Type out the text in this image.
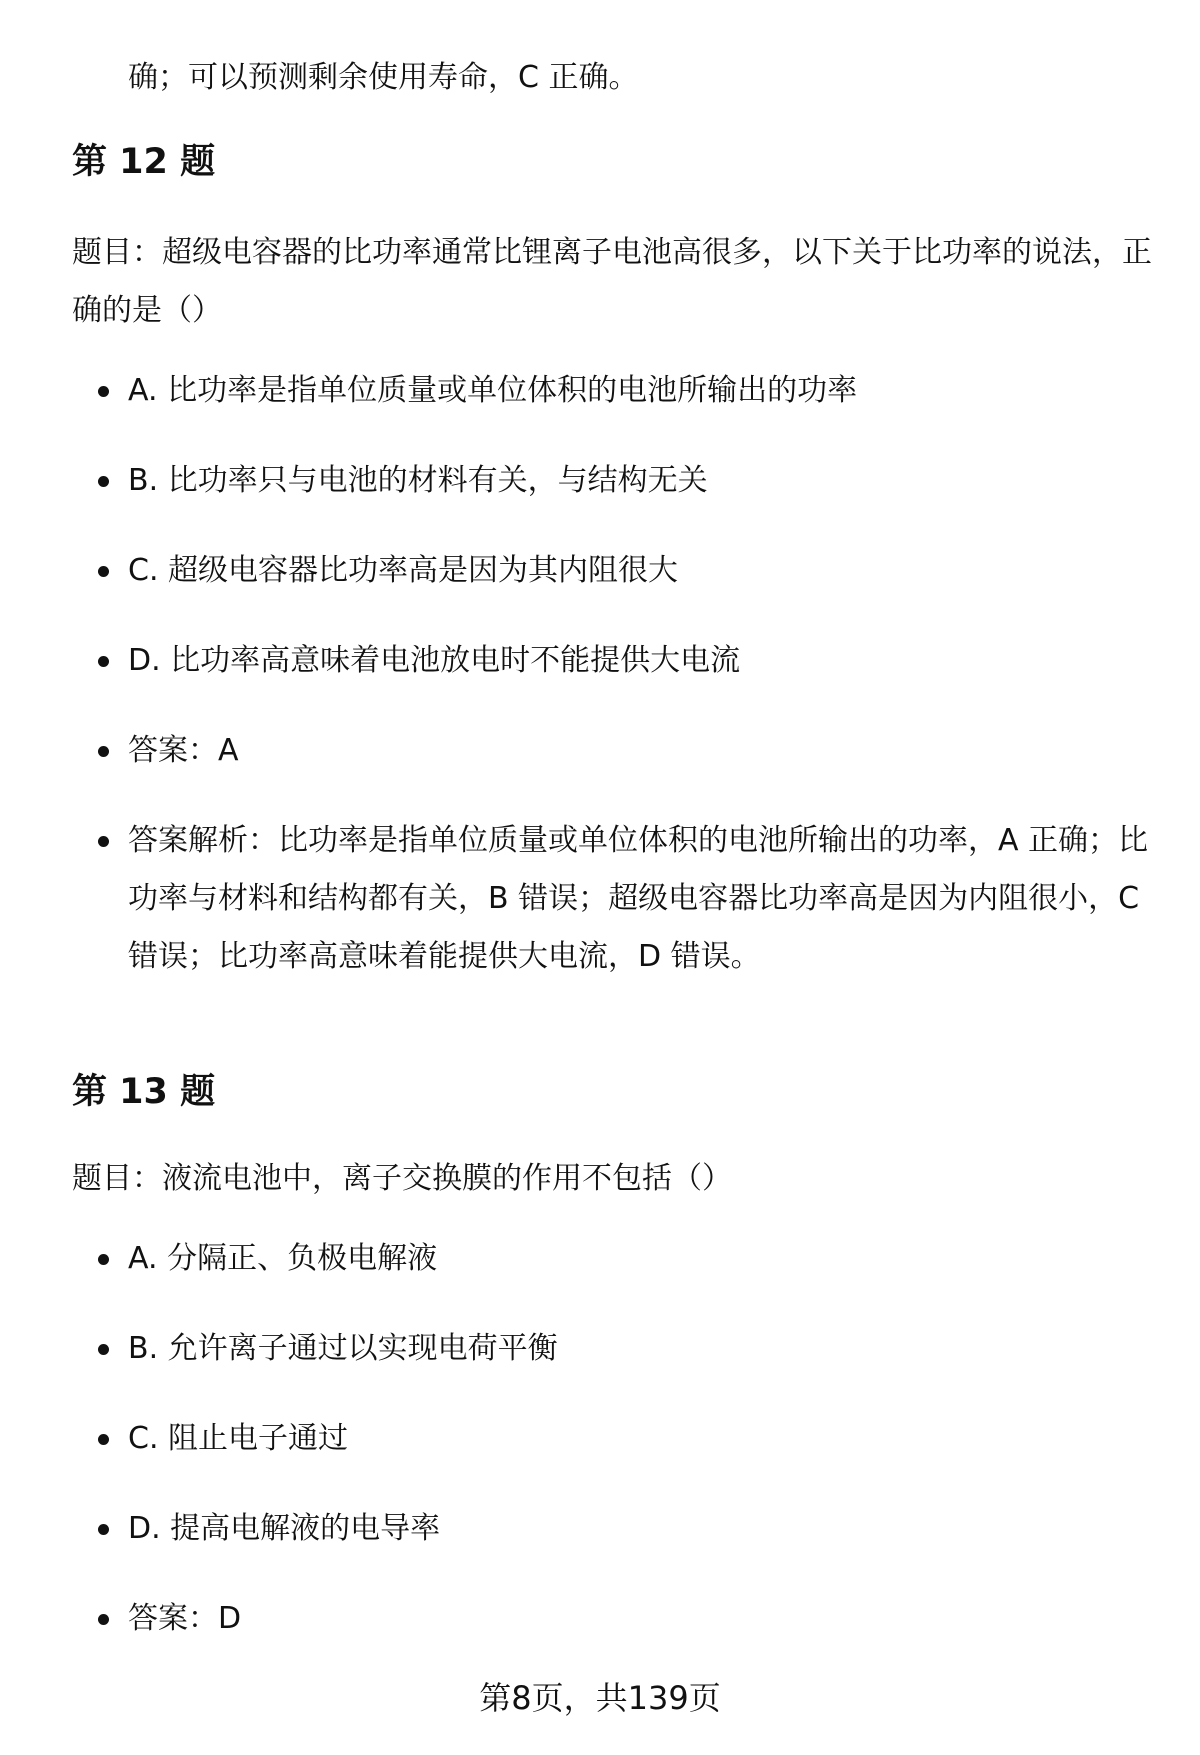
确；可以预测剩余使用寿命，C 正确。

第 12 题

题目：超级电容器的比功率通常比锂离子电池高很多，以下关于比功率的说法，正确的是（）

A. 比功率是指单位质量或单位体积的电池所输出的功率
B. 比功率只与电池的材料有关，与结构无关
C. 超级电容器比功率高是因为其内阻很大
D. 比功率高意味着电池放电时不能提供大电流
答案：A
答案解析：比功率是指单位质量或单位体积的电池所输出的功率，A 正确；比功率与材料和结构都有关，B 错误；超级电容器比功率高是因为内阻很小，C 错误；比功率高意味着能提供大电流，D 错误。
第 13 题

题目：液流电池中，离子交换膜的作用不包括（）

A. 分隔正、负极电解液
B. 允许离子通过以实现电荷平衡
C. 阻止电子通过
D. 提高电解液的电导率
答案：D

第8页，共139页
